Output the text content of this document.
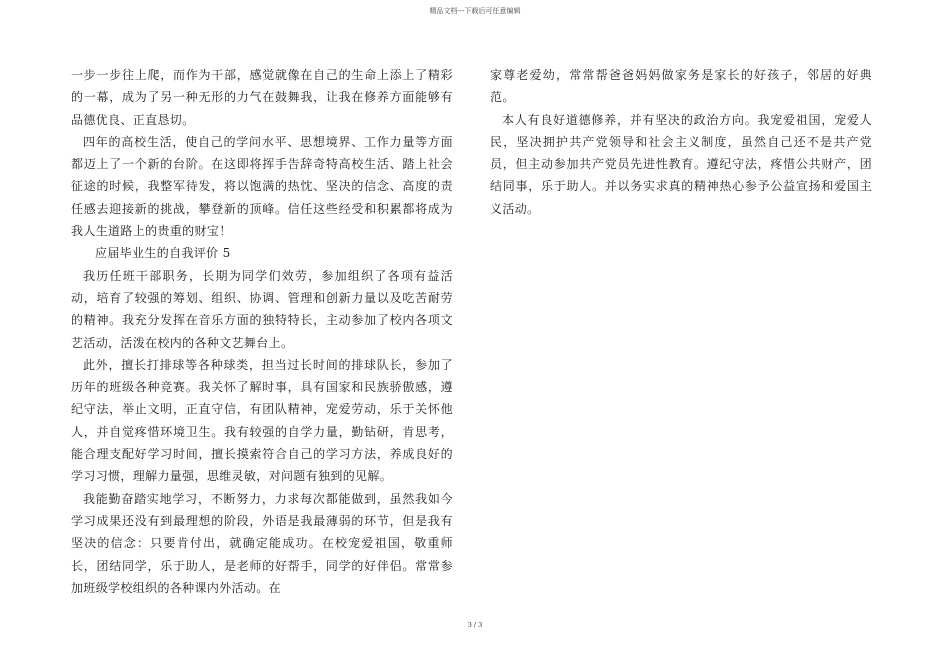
精品文档---下载后可任意编辑

一步一步往上爬，而作为干部，感觉就像在自己的生命上添上了精彩的一幕，成为了另一种无形的力气在鼓舞我，让我在修养方面能够有品德优良、正直恳切。

四年的高校生活，使自己的学问水平、思想境界、工作力量等方面都迈上了一个新的台阶。在这即将挥手告辞奇特高校生活、踏上社会征途的时候，我整军待发，将以饱满的热忱、坚决的信念、高度的责任感去迎接新的挑战，攀登新的顶峰。信任这些经受和积累都将成为我人生道路上的贵重的财宝！

应届毕业生的自我评价 5

我历任班干部职务，长期为同学们效劳，参加组织了各项有益活动，培育了较强的筹划、组织、协调、管理和创新力量以及吃苦耐劳的精神。我充分发挥在音乐方面的独特特长，主动参加了校内各项文艺活动，活泼在校内的各种文艺舞台上。

此外，擅长打排球等各种球类，担当过长时间的排球队长，参加了历年的班级各种竞赛。我关怀了解时事，具有国家和民族骄傲感，遵纪守法，举止文明，正直守信，有团队精神，宠爱劳动，乐于关怀他人，并自觉疼惜环境卫生。我有较强的自学力量，勤钻研，肯思考，能合理支配好学习时间，擅长摸索符合自己的学习方法，养成良好的学习习惯，理解力量强，思维灵敏，对问题有独到的见解。

我能勤奋踏实地学习，不断努力，力求每次都能做到，虽然我如今学习成果还没有到最理想的阶段，外语是我最薄弱的环节，但是我有坚决的信念：只要肯付出，就确定能成功。在校宠爱祖国，敬重师长，团结同学，乐于助人，是老师的好帮手，同学的好伴侣。常常参加班级学校组织的各种课内外活动。在

家尊老爱幼，常常帮爸爸妈妈做家务是家长的好孩子，邻居的好典范。

本人有良好道德修养，并有坚决的政治方向。我宠爱祖国，宠爱人民，坚决拥护共产党领导和社会主义制度，虽然自己还不是共产党员，但主动参加共产党员先进性教育。遵纪守法，疼惜公共财产，团结同事，乐于助人。并以务实求真的精神热心参予公益宣扬和爱国主义活动。

3 / 3
